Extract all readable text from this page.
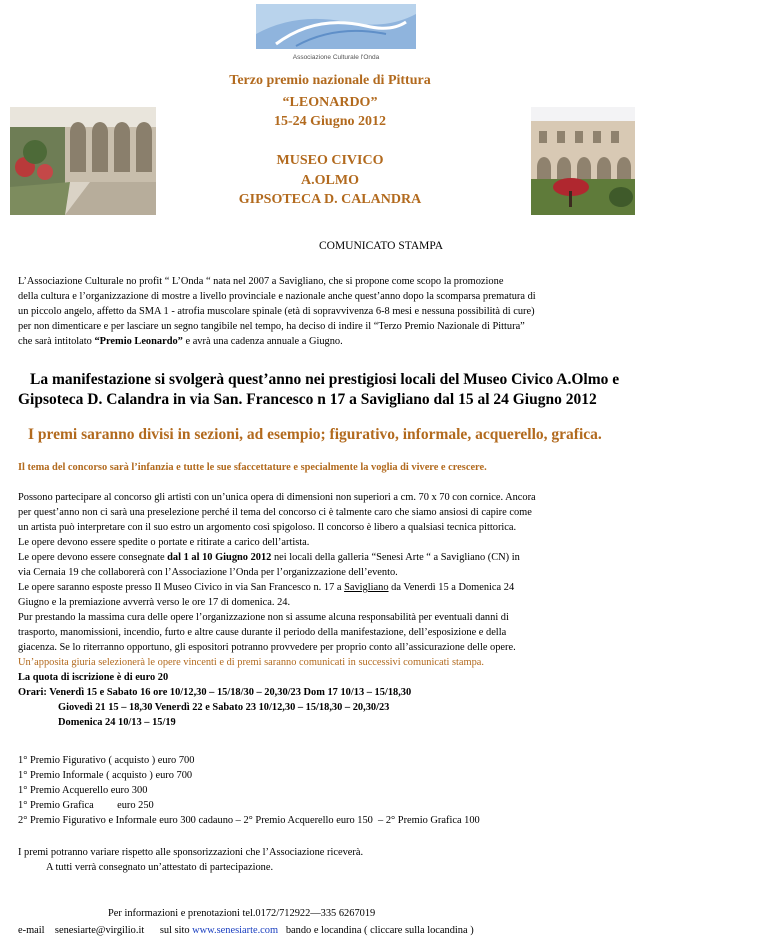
Associazione Culturale l'Onda
Terzo premio nazionale di Pittura
“LEONARDO”
15-24 Giugno 2012
MUSEO CIVICO
A.OLMO
GIPSOTECA D. CALANDRA
COMUNICATO STAMPA
L’Associazione Culturale no profit “ L’Onda “ nata nel 2007 a Savigliano, che si propone come scopo la promozione
della cultura e l’organizzazione di mostre a livello provinciale e nazionale anche quest’anno dopo la scomparsa prematura di
un piccolo angelo, affetto da SMA 1 - atrofia muscolare spinale (età di sopravvivenza 6-8 mesi e nessuna possibilità di cure)
per non dimenticare e per lasciare un segno tangibile nel tempo, ha deciso di indire il “Terzo Premio Nazionale di Pittura”
che sarà intitolato “Premio Leonardo” e avrà una cadenza annuale a Giugno.
La manifestazione si svolgerà quest’anno nei prestigiosi locali del Museo Civico A.Olmo e
Gipsoteca D. Calandra in via San. Francesco n 17 a Savigliano dal 15 al 24 Giugno 2012
I premi saranno divisi in sezioni, ad esempio; figurativo, informale, acquerello, grafica.
Il tema del concorso sarà l’infanzia e tutte le sue sfaccettature e specialmente la voglia di vivere e crescere.
Possono partecipare al concorso gli artisti con un’unica opera di dimensioni non superiori a cm. 70 x 70 con cornice. Ancora
per quest’anno non ci sarà una preselezione perché il tema del concorso ci è talmente caro che siamo ansiosi di capire come
un artista può interpretare con il suo estro un argomento così spigoloso. Il concorso è libero a qualsiasi tecnica pittorica.
Le opere devono essere spedite o portate e ritirate a carico dell’artista.
Le opere devono essere consegnate dal 1 al 10 Giugno 2012 nei locali della galleria “Senesi Arte “ a Savigliano (CN) in
via Cernaia 19 che collaborerà con l’Associazione l’Onda per l’organizzazione dell’evento.
Le opere saranno esposte presso Il Museo Civico in via San Francesco n. 17 a Savigliano da Venerdì 15 a Domenica 24
Giugno e la premiazione avverrà verso le ore 17 di domenica. 24.
Pur prestando la massima cura delle opere l’organizzazione non si assume alcuna responsabilità per eventuali danni di
trasporto, manomissioni, incendio, furto e altre cause durante il periodo della manifestazione, dell’esposizione e della
giacenza. Se lo riterranno opportuno, gli espositori potranno provvedere per proprio conto all’assicurazione delle opere.
Un’apposita giuria selezionerà le opere vincenti e di premi saranno comunicati in successivi comunicati stampa.
La quota di iscrizione è di euro 20
Orari: Venerdì 15 e Sabato 16 ore 10/12,30 – 15/18/30 – 20,30/23 Dom 17 10/13 – 15/18,30
Giovedì 21 15 – 18,30 Venerdì 22 e Sabato 23 10/12,30 – 15/18,30 – 20,30/23
Domenica 24 10/13 – 15/19
1° Premio Figurativo ( acquisto ) euro 700
1° Premio Informale ( acquisto ) euro 700
1° Premio Acquerello euro 300
1° Premio Grafica         euro 250
2° Premio Figurativo e Informale euro 300 cadauno – 2° Premio Acquerello euro 150  – 2° Premio Grafica 100
I premi potranno variare rispetto alle sponsorizzazioni che l’Associazione riceverà.
A tutti verrà consegnato un’attestato di partecipazione.
Per informazioni e prenotazioni tel.0172/712922—335 6267019
e-mail    senesiarte@virgilio.it      sul sito www.senesiarte.com   bando e locandina ( cliccare sulla locandina )
